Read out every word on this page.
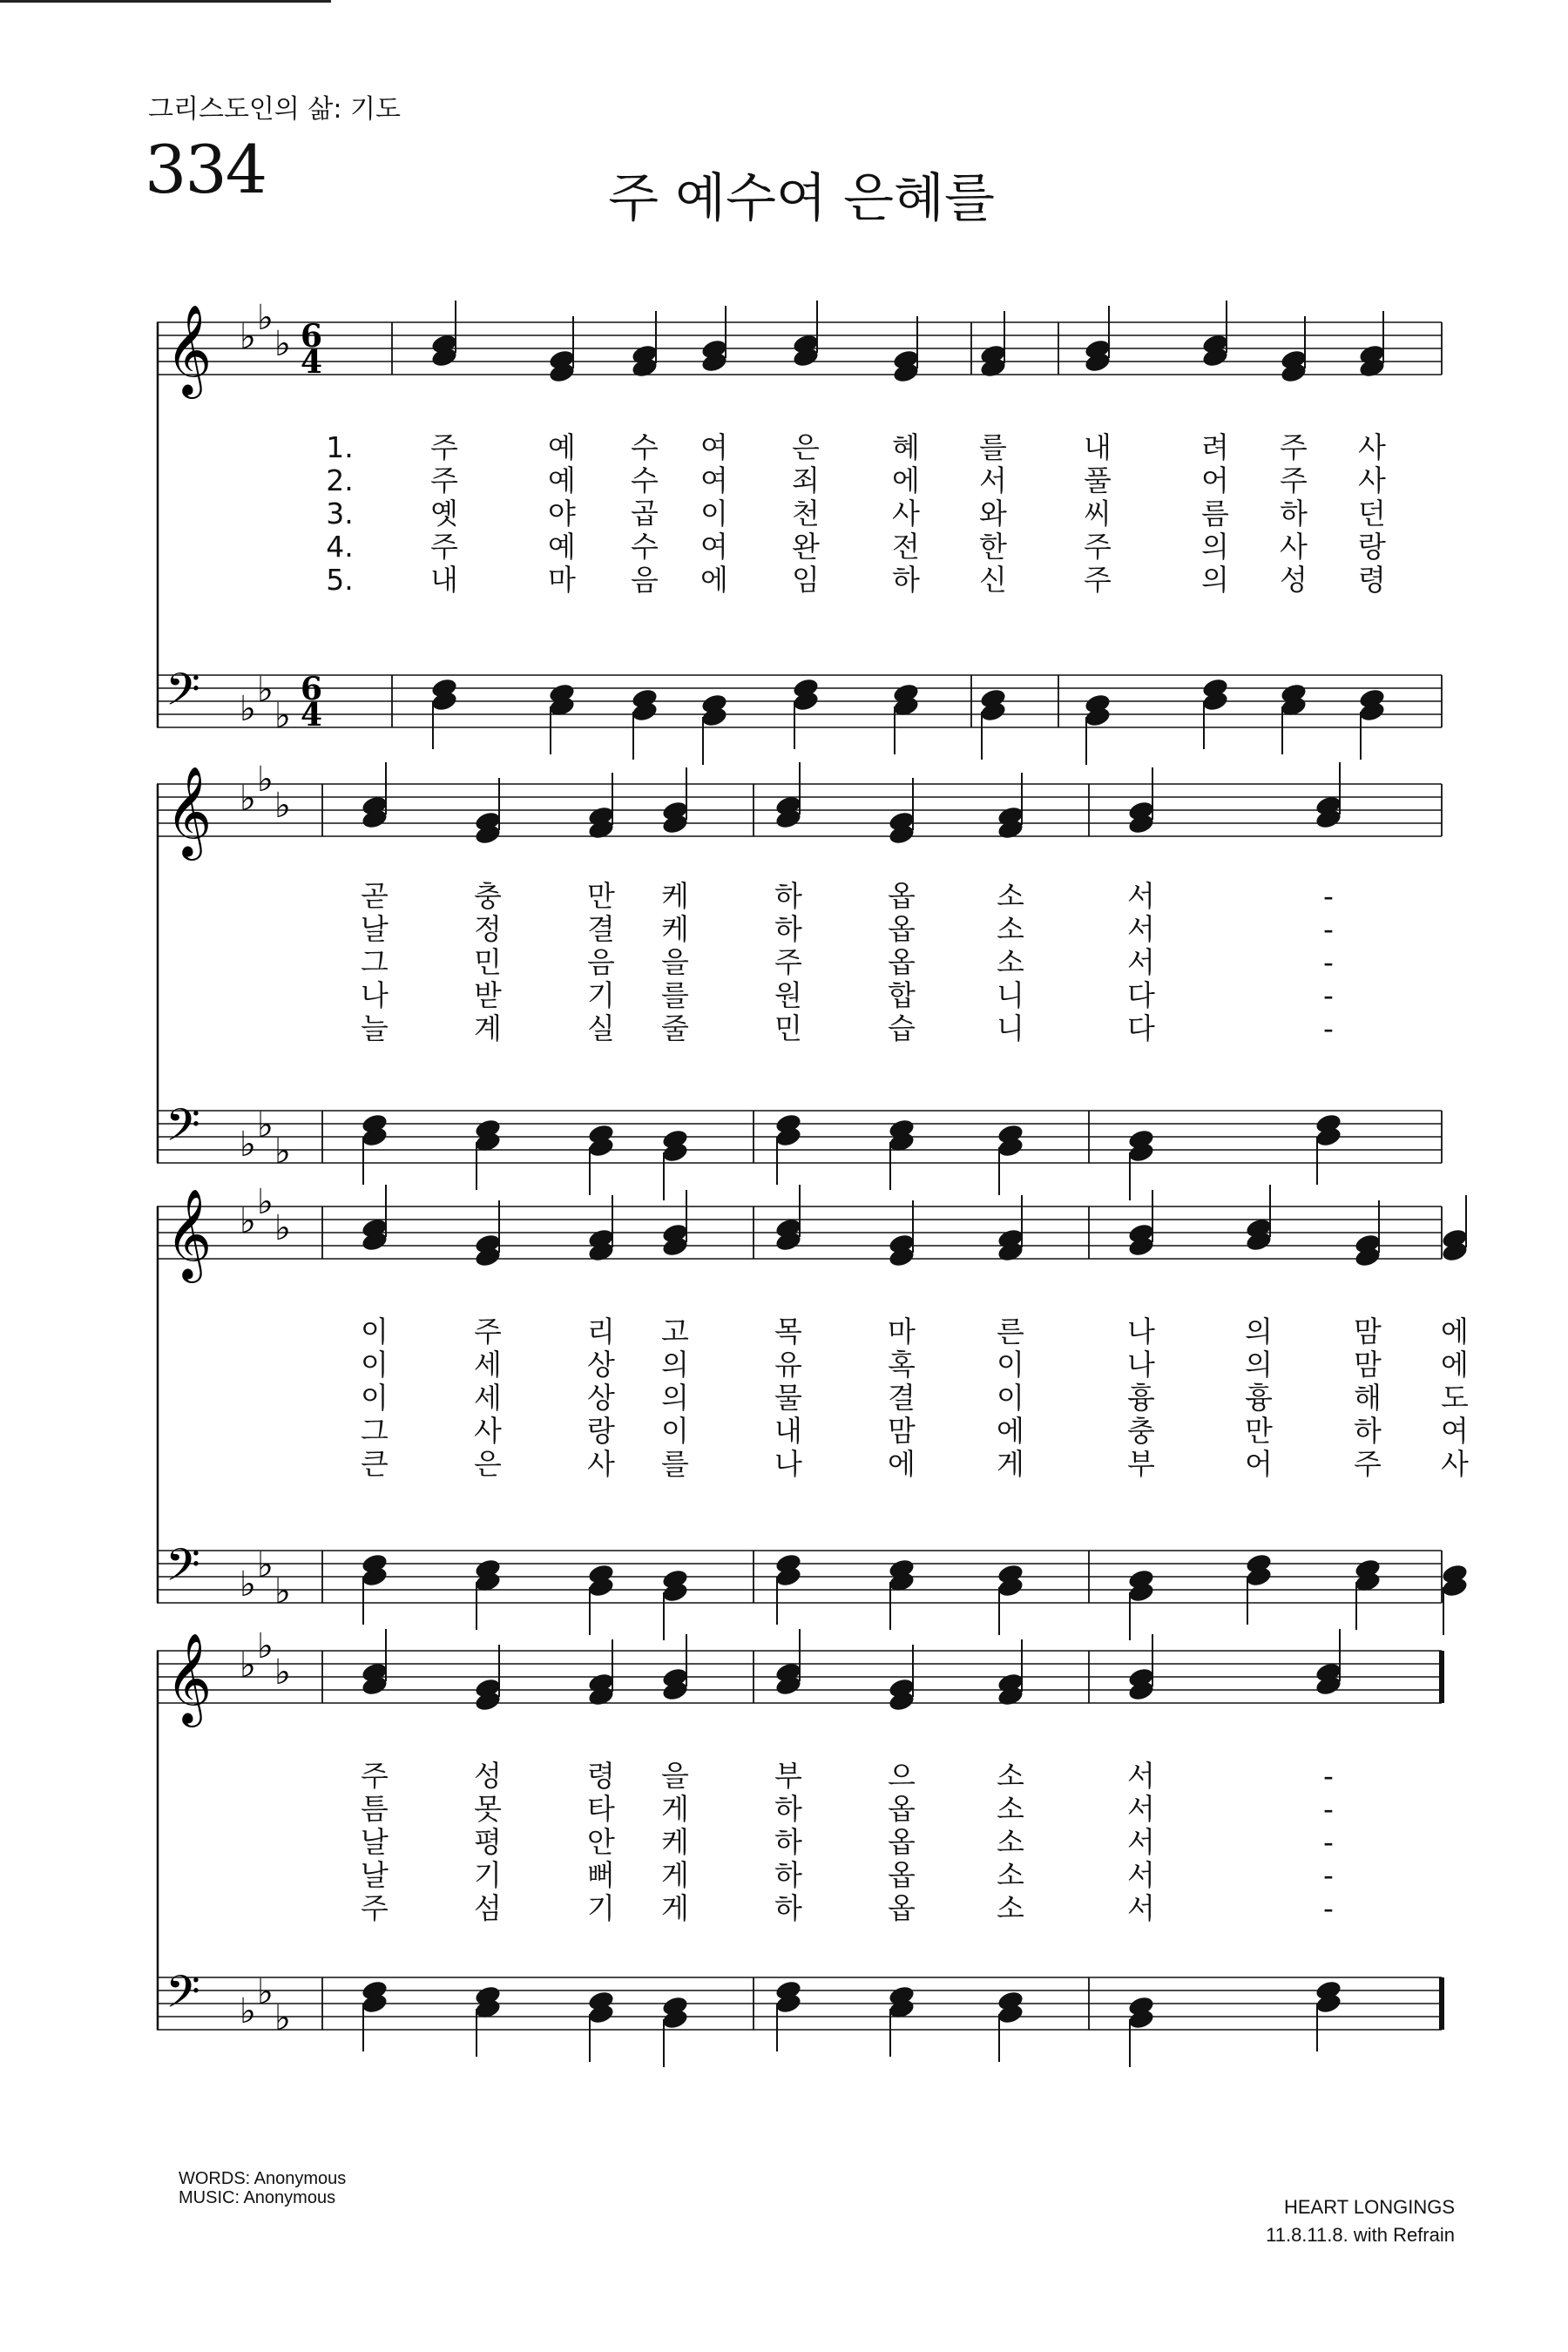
그리스도인의 삶: 기도
334	주 예수여 은혜를
𝄞 ♭ ♭
♭ 6
4
𝄢 ♭ ♭
♭
6
4
1.
2.
3.
4.
5.
주
주
옛
주
내
예
예
야
예
마
수
수
곱
수
음
여
여
이
여
에
은
죄
천
완
임
혜
에
사
전
하
를
서
와
한
신
내
풀
씨
주
주
려
어
름
의
의
주
주
하
사
성
사
사
던
랑
령
𝄞 ♭ ♭
♭
𝄢 ♭ ♭
♭
곧
날
그
나
늘
충
정
민
받
계
만
결
음
기
실
케
케
을
를
줄
하
하
주
원
민
옵
옵
옵
합
습
소
소
소
니
니
서
서
서
다
다
-
-
-
-
-
𝄞 ♭ ♭
♭
𝄢 ♭ ♭
♭
이
이
이
그
큰
주
세
세
사
은
리
상
상
랑
사
고
의
의
이
를
목
유
물
내
나
마
혹
결
맘
에
른
이
이
에
게
나
나
흉
충
부
의
의
흉
만
어
맘
맘
해
하
주
에
에
도
여
사
𝄞 ♭ ♭
♭
𝄢 ♭ ♭
♭
주
틈
날
날
주
성
못
평
기
섬
령
타
안
뻐
기
을
게
케
게
게
부
하
하
하
하
으
옵
옵
옵
옵
소
소
소
소
소
서
서
서
서
서
-
-
-
-
-
WORDS: Anonymous
MUSIC: Anonymous	HEART LONGINGS
11.8.11.8. with Refrain
